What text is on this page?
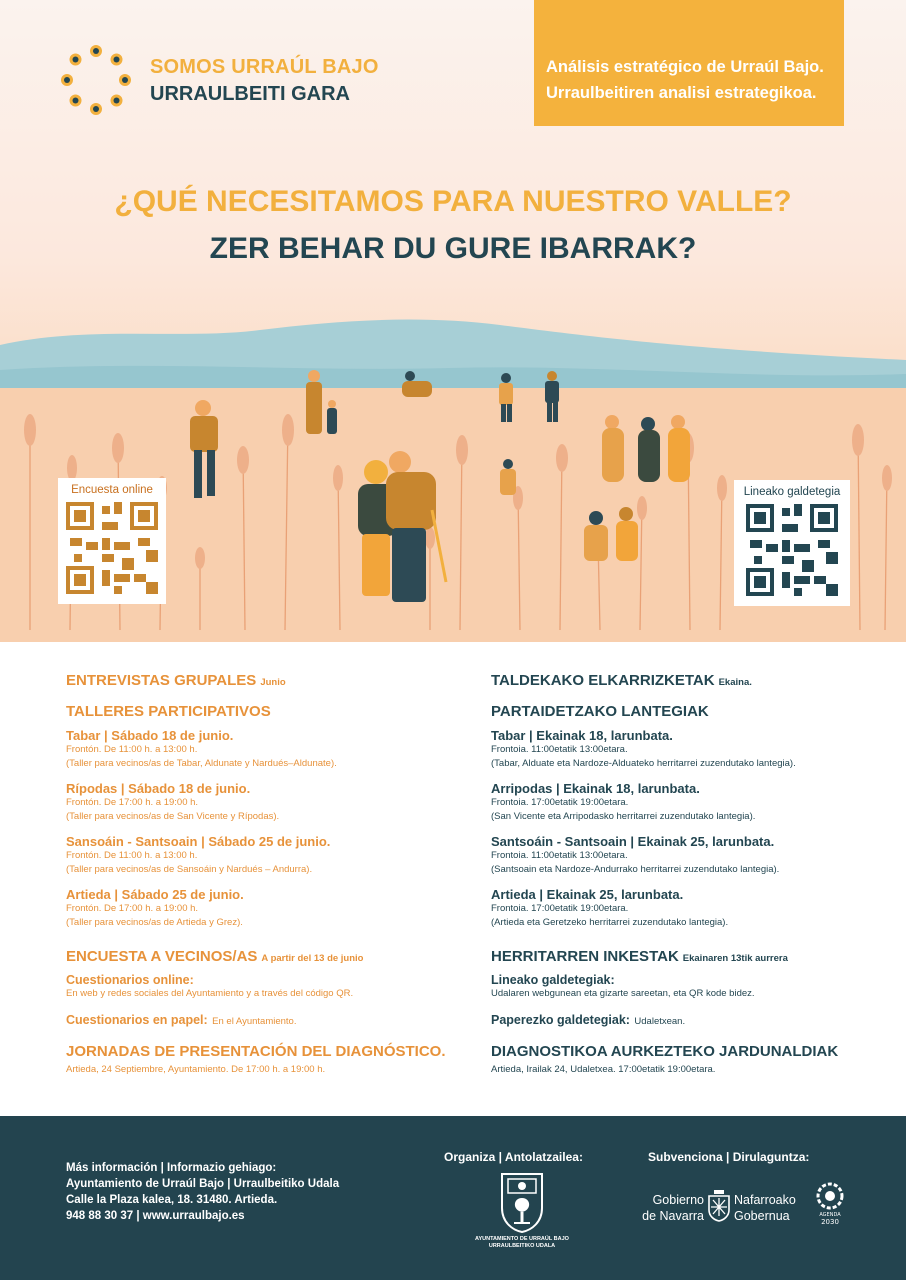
SOMOS URRAÚL BAJO
URRAULBEITI GARA
Análisis estratégico de Urraúl Bajo.
Urraulbeitiren analisi estrategikoa.
¿QUÉ NECESITAMOS PARA NUESTRO VALLE?
ZER BEHAR DU GURE IBARRAK?
Encuesta online	Lineako galdetegia
ENTREVISTAS GRUPALES Junio
TALLERES PARTICIPATIVOS
Tabar | Sábado 18 de junio.
Frontón. De 11:00 h. a 13:00 h.
(Taller para vecinos/as de Tabar, Aldunate y Nardués–Aldunate).
Rípodas | Sábado 18 de junio.
Frontón. De 17:00 h. a 19:00 h.
(Taller para vecinos/as de San Vicente y Rípodas).
Sansoáin - Santsoain | Sábado 25 de junio.
Frontón. De 11:00 h. a 13:00 h.
(Taller para vecinos/as de Sansoáin y Nardués – Andurra).
Artieda | Sábado 25 de junio.
Frontón. De 17:00 h. a 19:00 h.
(Taller para vecinos/as de Artieda y Grez).
ENCUESTA A VECINOS/AS A partir del 13 de junio
Cuestionarios online:
En web y redes sociales del Ayuntamiento y a través del código QR.
Cuestionarios en papel: En el Ayuntamiento.
JORNADAS DE PRESENTACIÓN DEL DIAGNÓSTICO.
Artieda, 24 Septiembre, Ayuntamiento. De 17:00 h. a 19:00 h.
TALDEKAKO ELKARRIZKETAK Ekaina.
PARTAIDETZAKO LANTEGIAK
Tabar | Ekainak 18, larunbata.
Frontoia. 11:00etatik 13:00etara.
(Tabar, Alduate eta Nardoze-Alduateko herritarrei zuzendutako lantegia).
Arripodas | Ekainak 18, larunbata.
Frontoia. 17:00etatik 19:00etara.
(San Vicente eta Arripodasko herritarrei zuzendutako lantegia).
Santsoáin - Santsoain | Ekainak 25, larunbata.
Frontoia. 11:00etatik 13:00etara.
(Santsoain eta Nardoze-Andurrako herritarrei zuzendutako lantegia).
Artieda | Ekainak 25, larunbata.
Frontoia. 17:00etatik 19:00etara.
(Artieda eta Geretzeko herritarrei zuzendutako lantegia).
HERRITARREN INKESTAK Ekainaren 13tik aurrera
Lineako galdetegiak:
Udalaren webgunean eta gizarte sareetan, eta QR kode bidez.
Paperezko galdetegiak: Udaletxean.
DIAGNOSTIKOA AURKEZTEKO JARDUNALDIAK
Artieda, Irailak 24, Udaletxea. 17:00etatik 19:00etara.
Más información | Informazio gehiago:
Ayuntamiento de Urraúl Bajo | Urraulbeitiko Udala
Calle la Plaza kalea, 18. 31480. Artieda.
948 88 30 37 | www.urraulbajo.es
Organiza | Antolatzailea:
AYUNTAMIENTO DE URRAÚL BAJO
URRAULBEITIKO UDALA
Subvenciona | Dirulaguntza:
Gobierno
de Navarra
Nafarroako
Gobernua	AGENDA
2030
